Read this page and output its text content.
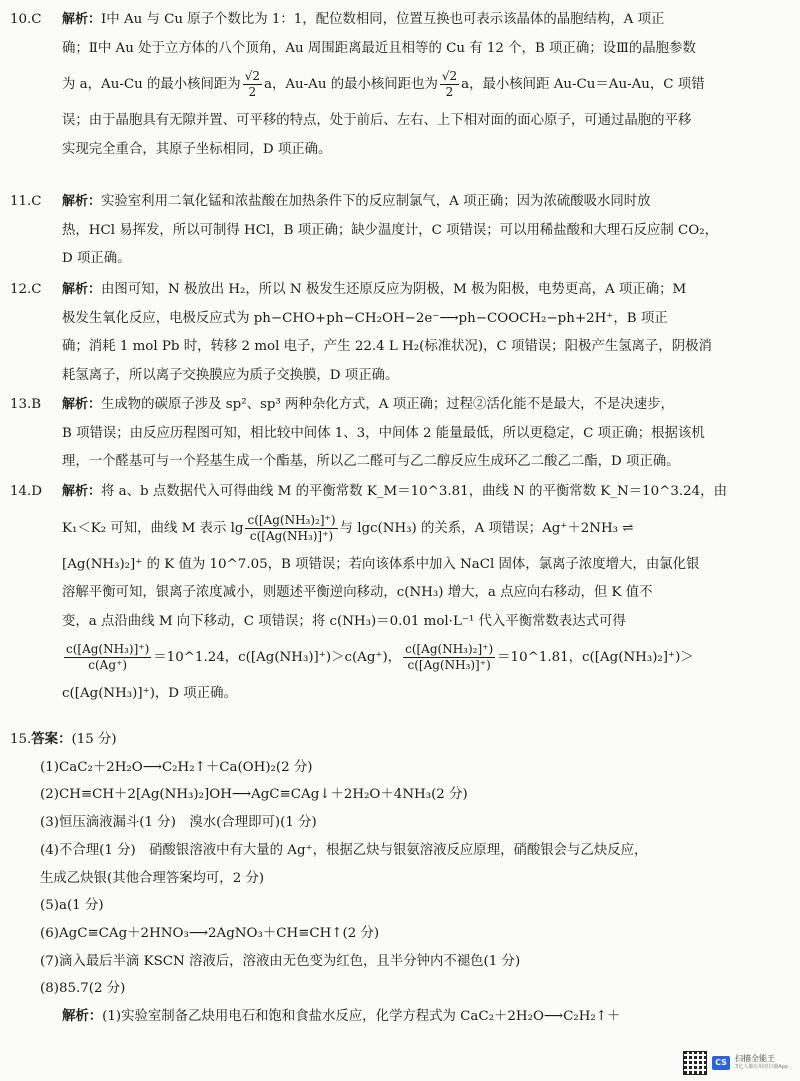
10.C 解析：Ⅰ中 Au 与 Cu 原子个数比为 1：1，配位数相同，位置互换也可表示该晶体的晶胞结构，A 项正

确；Ⅱ中 Au 处于立方体的八个顶角，Au 周围距离最近且相等的 Cu 有 12 个，B 项正确；设Ⅲ的晶胞参数

为 a，Au-Cu 的最小核间距为 $\frac{√2}{2}$ a，Au-Au 的最小核间距也为 $\frac{√2}{2}$ a，最小核间距 Au-Cu＝Au-Au，C 项错

误；由于晶胞具有无隙并置、可平移的特点，处于前后、左右、上下相对面的面心原子，可通过晶胞的平移

实现完全重合，其原子坐标相同，D 项正确。

11.C 解析：实验室利用二氧化锰和浓盐酸在加热条件下的反应制氯气，A 项正确；因为浓硫酸吸水同时放

热，HCl 易挥发，所以可制得 HCl，B 项正确；缺少温度计，C 项错误；可以用稀盐酸和大理石反应制 CO₂，

D 项正确。

12.C 解析：由图可知，N 极放出 H₂，所以 N 极发生还原反应为阴极，M 极为阳极，电势更高，A 项正确；M

极发生氧化反应，电极反应式为 ph−CHO+ph−CH₂OH−2e⁻⟶ph−COOCH₂−ph+2H⁺，B 项正

确；消耗 1 mol Pb 时，转移 2 mol 电子，产生 22.4 L H₂(标准状况)，C 项错误；阳极产生氢离子，阴极消

耗氢离子，所以离子交换膜应为质子交换膜，D 项正确。

13.B 解析：生成物的碳原子涉及 sp²、sp³ 两种杂化方式，A 项正确；过程②活化能不是最大，不是决速步，

B 项错误；由反应历程图可知，相比较中间体 1、3，中间体 2 能量最低，所以更稳定，C 项正确；根据该机

理，一个醛基可与一个羟基生成一个酯基，所以乙二醛可与乙二醇反应生成环乙二酸乙二酯，D 项正确。

14.D 解析：将 a、b 点数据代入可得曲线 M 的平衡常数 K_M＝10^3.81，曲线 N 的平衡常数 K_N＝10^3.24，由

K₁＜K₂ 可知，曲线 M 表示 $\lg \frac{\text{c([Ag(NH₃)₂]⁺)}}{\text{c([Ag(NH₃)]⁺)}}$ 与 lgc(NH₃) 的关系，A 项错误；Ag⁺＋2NH₃ ⇌

[Ag(NH₃)₂]⁺ 的 K 值为 10^7.05，B 项错误；若向该体系中加入 NaCl 固体，氯离子浓度增大，由氯化银

溶解平衡可知，银离子浓度减小，则题述平衡逆向移动，c(NH₃) 增大，a 点应向右移动，但 K 值不

变，a 点沿曲线 M 向下移动，C 项错误；将 c(NH₃)＝0.01 mol·L⁻¹ 代入平衡常数表达式可得

$\frac{\text{c([Ag(NH₃)]⁺)}}{c(Ag^+)}$ ＝10^1.24，c([Ag(NH₃)]⁺)＞c(Ag⁺)， $\frac{\text{c([Ag(NH₃)₂]⁺)}}{\text{c([Ag(NH₃)]⁺)}}$ ＝10^1.81，c([Ag(NH₃)₂]⁺)＞

c([Ag(NH₃)]⁺)，D 项正确。

15.答案：(15 分)
(1)CaC₂＋2H₂O⟶C₂H₂↑＋Ca(OH)₂(2 分)
(2)CH≡CH＋2[Ag(NH₃)₂]OH⟶AgC≡CAg↓＋2H₂O＋4NH₃(2 分)
(3)恒压滴液漏斗(1 分)　溴水(合理即可)(1 分)
(4)不合理(1 分)　硝酸银溶液中有大量的 Ag⁺，根据乙炔与银氨溶液反应原理，硝酸银会与乙炔反应，
生成乙炔银(其他合理答案均可，2 分)
(5)a(1 分)
(6)AgC≡CAg＋2HNO₃⟶2AgNO₃＋CH≡CH↑(2 分)
(7)滴入最后半滴 KSCN 溶液后，溶液由无色变为红色，且半分钟内不褪色(1 分)
(8)85.7(2 分)
解析：(1)实验室制备乙炔用电石和饱和食盐水反应，化学方程式为 CaC₂＋2H₂O⟶C₂H₂↑＋
CS	扫描全能王
3亿人都在用的扫描App
